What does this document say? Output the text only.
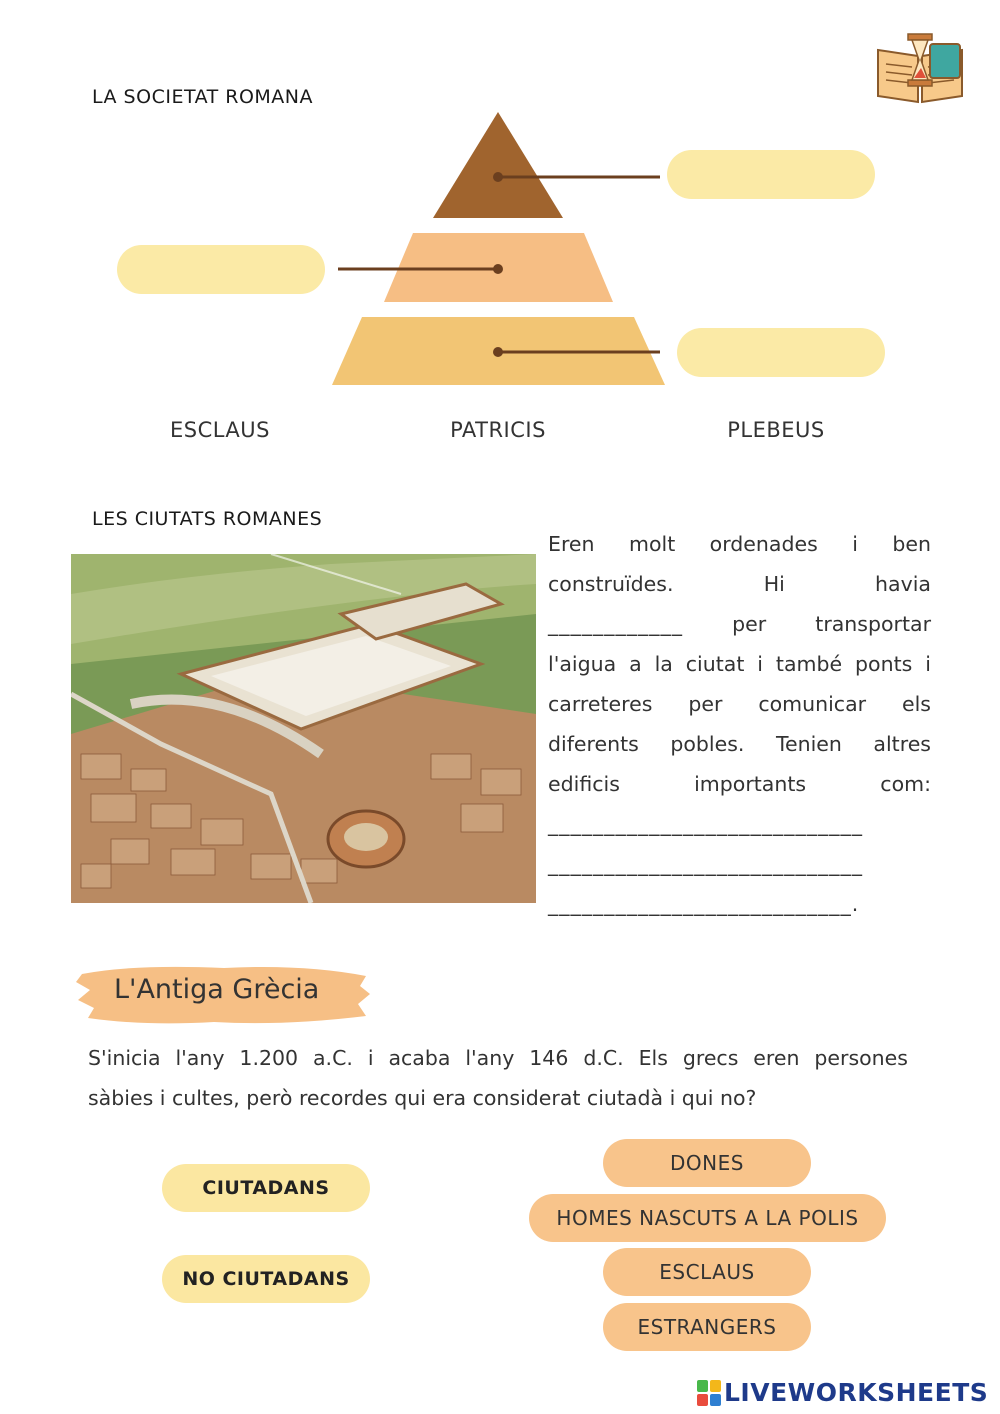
LA SOCIETAT ROMANA
ESCLAUS	PATRICIS	PLEBEUS
LES CIUTATS ROMANES
Eren molt ordenades i ben
construïdes.	Hi	havia
____________ per transportar
l'aigua a la ciutat i també ponts i
carreteres per comunicar els
diferents pobles. Tenien altres
edificis	importants	com:
____________________________
____________________________
___________________________.
L'Antiga Grècia
S'inicia l'any 1.200 a.C. i acaba l'any 146 d.C. Els grecs eren persones
sàbies i cultes, però recordes qui era considerat ciutadà i qui no?
CIUTADANS
NO CIUTADANS
DONES
HOMES NASCUTS A LA POLIS
ESCLAUS
ESTRANGERS
LIVEWORKSHEETS
